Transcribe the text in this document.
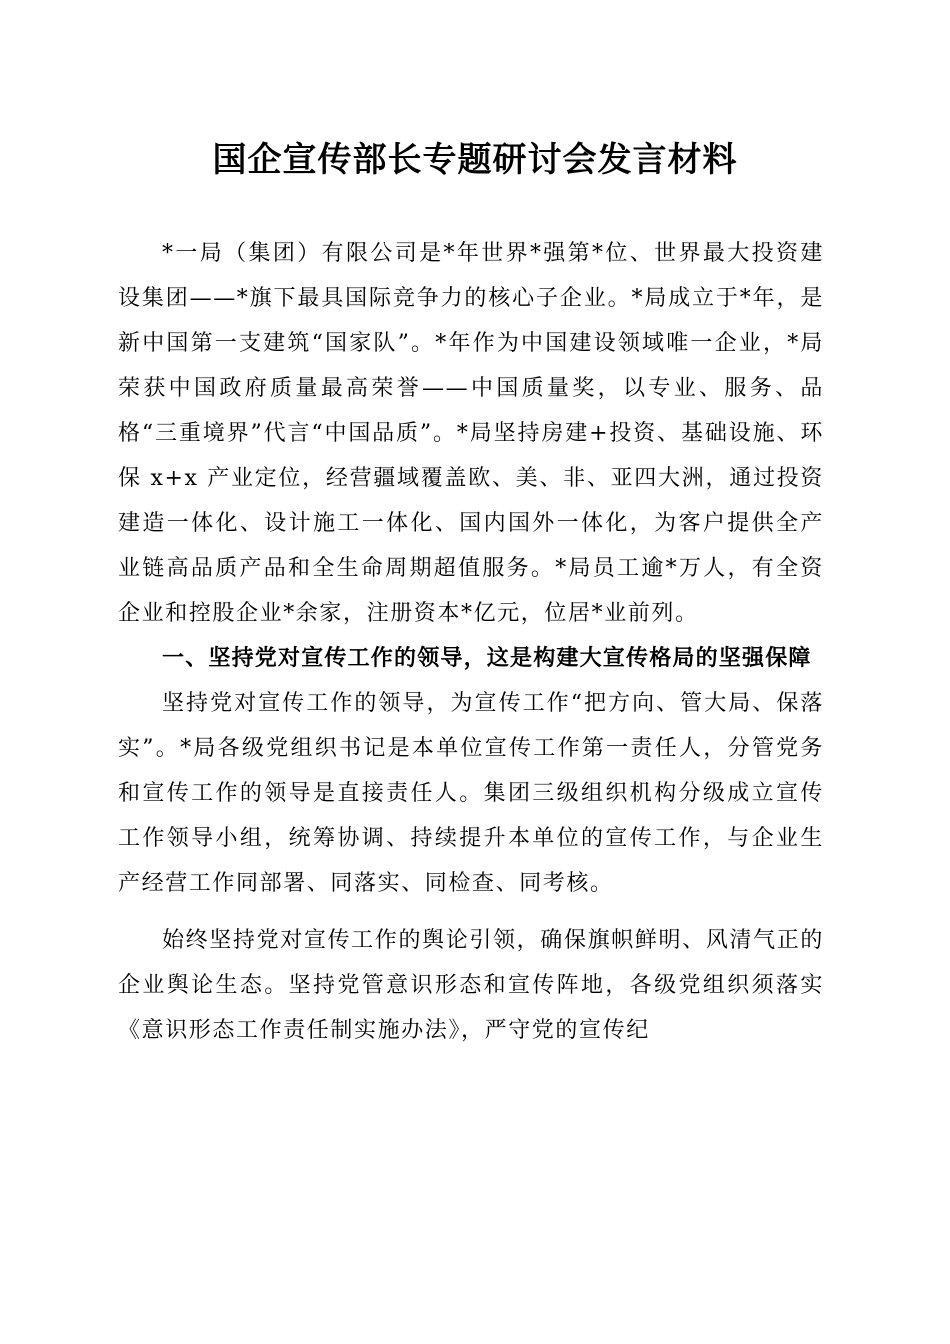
国企宣传部长专题研讨会发言材料

*一局（集团）有限公司是*年世界*强第*位、世界最大投资建设集团——*旗下最具国际竞争力的核心子企业。*局成立于*年，是新中国第一支建筑“国家队”。*年作为中国建设领域唯一企业，*局荣获中国政府质量最高荣誉——中国质量奖，以专业、服务、品格“三重境界”代言“中国品质”。*局坚持房建+投资、基础设施、环保 x+x 产业定位，经营疆域覆盖欧、美、非、亚四大洲，通过投资建造一体化、设计施工一体化、国内国外一体化，为客户提供全产业链高品质产品和全生命周期超值服务。*局员工逾*万人，有全资企业和控股企业*余家，注册资本*亿元，位居*业前列。

一、坚持党对宣传工作的领导，这是构建大宣传格局的坚强保障

坚持党对宣传工作的领导，为宣传工作“把方向、管大局、保落实”。*局各级党组织书记是本单位宣传工作第一责任人，分管党务和宣传工作的领导是直接责任人。集团三级组织机构分级成立宣传工作领导小组，统筹协调、持续提升本单位的宣传工作，与企业生产经营工作同部署、同落实、同检查、同考核。

始终坚持党对宣传工作的舆论引领，确保旗帜鲜明、风清气正的企业舆论生态。坚持党管意识形态和宣传阵地，各级党组织须落实《意识形态工作责任制实施办法》，严守党的宣传纪
